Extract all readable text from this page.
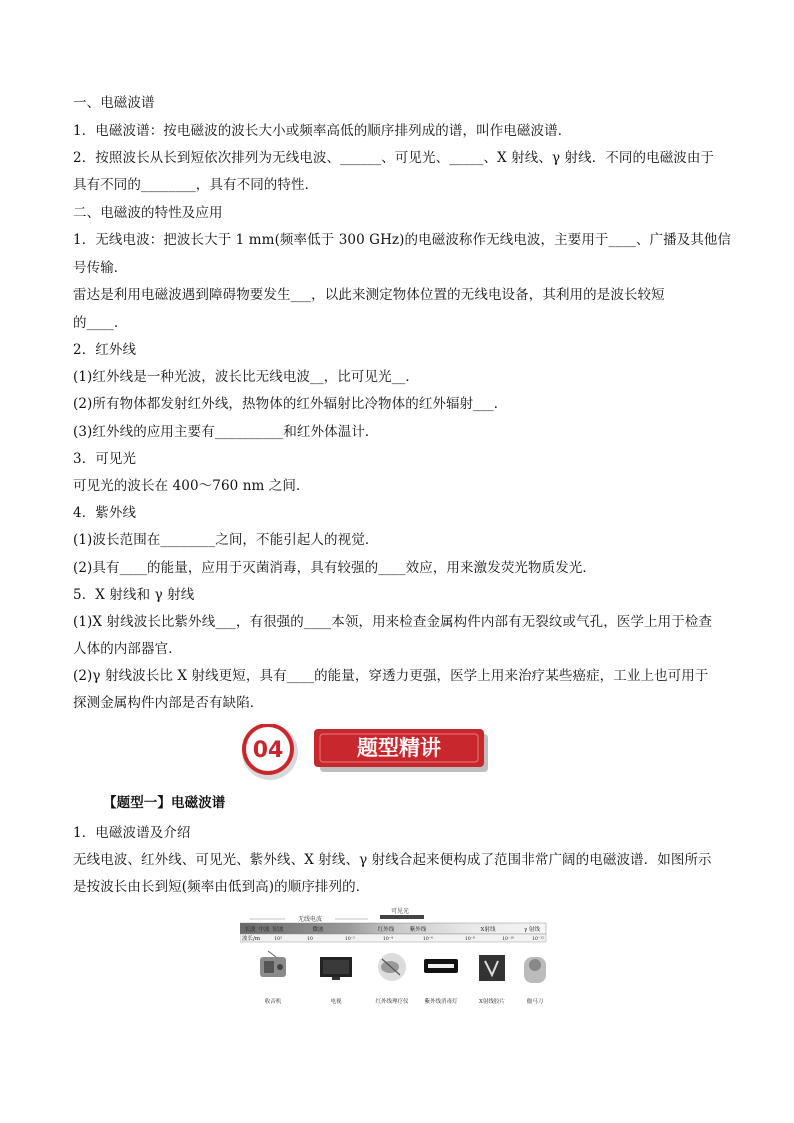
一、电磁波谱
1．电磁波谱：按电磁波的波长大小或频率高低的顺序排列成的谱，叫作电磁波谱．
2．按照波长从长到短依次排列为无线电波、______、可见光、_____、X 射线、γ 射线．不同的电磁波由于
具有不同的________，具有不同的特性．
二、电磁波的特性及应用
1．无线电波：把波长大于 1 mm(频率低于 300 GHz)的电磁波称作无线电波，主要用于____、广播及其他信
号传输．
雷达是利用电磁波遇到障碍物要发生___，以此来测定物体位置的无线电设备，其利用的是波长较短
的____．
2．红外线
(1)红外线是一种光波，波长比无线电波__，比可见光__．
(2)所有物体都发射红外线，热物体的红外辐射比冷物体的红外辐射___．
(3)红外线的应用主要有__________和红外体温计．
3．可见光
可见光的波长在 400～760 nm 之间．
4．紫外线
(1)波长范围在________之间，不能引起人的视觉．
(2)具有____的能量，应用于灭菌消毒，具有较强的____效应，用来激发荧光物质发光．
5．X 射线和 γ 射线
(1)X 射线波长比紫外线___，有很强的____本领，用来检查金属构件内部有无裂纹或气孔，医学上用于检查
人体的内部器官．
(2)γ 射线波长比 X 射线更短，具有____的能量，穿透力更强，医学上用来治疗某些癌症，工业上也可用于
探测金属构件内部是否有缺陷．
04	题型精讲
【题型一】电磁波谱
1．电磁波谱及介绍
无线电波、红外线、可见光、紫外线、X 射线、γ 射线合起来便构成了范围非常广阔的电磁波谱．如图所示
是按波长由长到短(频率由低到高)的顺序排列的．
可见光
无线电波
长波 中波 短波	微波	红外线	紫外线	X射线	γ 射线
波长/m	10³	10	10⁻²	10⁻⁴	10⁻⁶	10⁻⁸	10⁻¹⁰	10⁻¹²
收音机	电视	红外线理疗仪	紫外线消毒灯	X射线胶片	伽马刀
